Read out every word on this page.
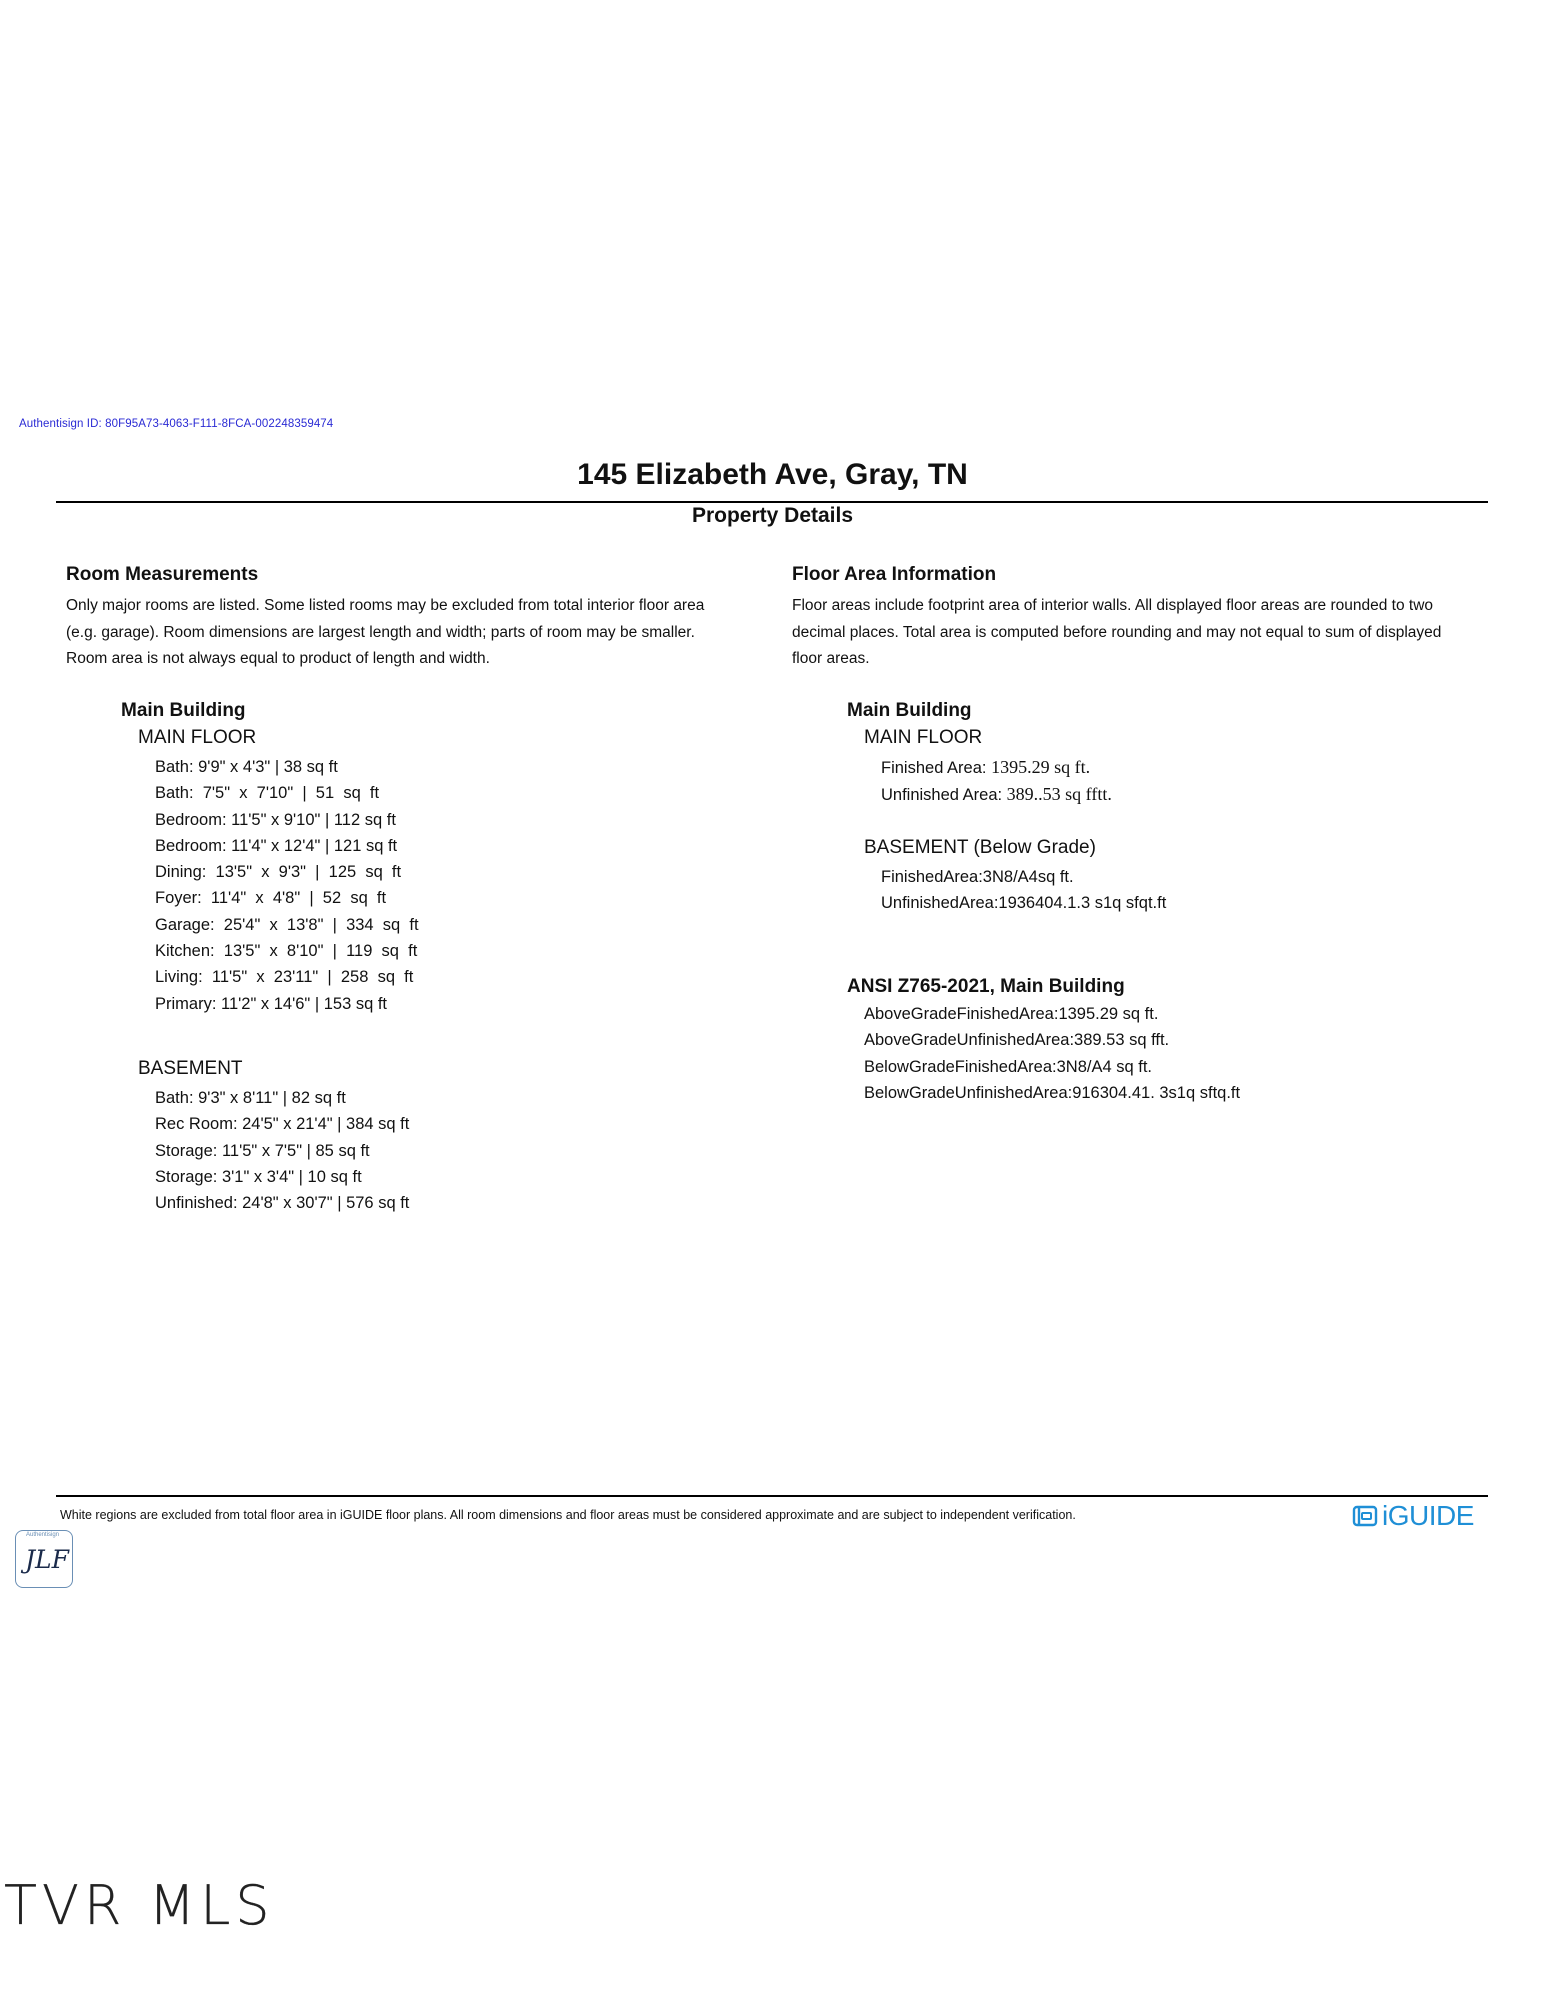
Authentisign ID: 80F95A73-4063-F111-8FCA-002248359474
145 Elizabeth Ave, Gray, TN
Property Details
Room Measurements
Only major rooms are listed. Some listed rooms may be excluded from total interior floor area
(e.g. garage). Room dimensions are largest length and width; parts of room may be smaller.
Room area is not always equal to product of length and width.
Main Building
MAIN FLOOR
Bath: 9'9" x 4'3" | 38 sq ft
Bath:  7'5"  x  7'10"  |  51  sq  ft
Bedroom: 11'5" x 9'10" | 112 sq ft
Bedroom: 11'4" x 12'4" | 121 sq ft
Dining:  13'5"  x  9'3"  |  125  sq  ft
Foyer:  11'4"  x  4'8"  |  52  sq  ft
Garage:  25'4"  x  13'8"  |  334  sq  ft
Kitchen:  13'5"  x  8'10"  |  119  sq  ft
Living:  11'5"  x  23'11"  |  258  sq  ft
Primary: 11'2" x 14'6" | 153 sq ft
BASEMENT
Bath: 9'3" x 8'11" | 82 sq ft
Rec Room: 24'5" x 21'4" | 384 sq ft
Storage: 11'5" x 7'5" | 85 sq ft
Storage: 3'1" x 3'4" | 10 sq ft
Unfinished: 24'8" x 30'7" | 576 sq ft
Floor Area Information
Floor areas include footprint area of interior walls. All displayed floor areas are rounded to two
decimal places. Total area is computed before rounding and may not equal to sum of displayed
floor areas.
Main Building
MAIN FLOOR
Finished Area: 1395.29 sq ft.
Unfinished Area: 389..53 sq fftt.
BASEMENT (Below Grade)
FinishedArea:3N8/A4sq ft.
UnfinishedArea:1936404.1.3 s1q sfqt.ft
ANSI Z765-2021, Main Building
AboveGradeFinishedArea:1395.29 sq ft.
AboveGradeUnfinishedArea:389.53 sq fft.
BelowGradeFinishedArea:3N8/A4 sq ft.
BelowGradeUnfinishedArea:916304.41. 3s1q sftq.ft
White regions are excluded from total floor area in iGUIDE floor plans. All room dimensions and floor areas must be considered approximate and are subject to independent verification.	iGUIDE
Authentisign
JLF
TVR MLS
